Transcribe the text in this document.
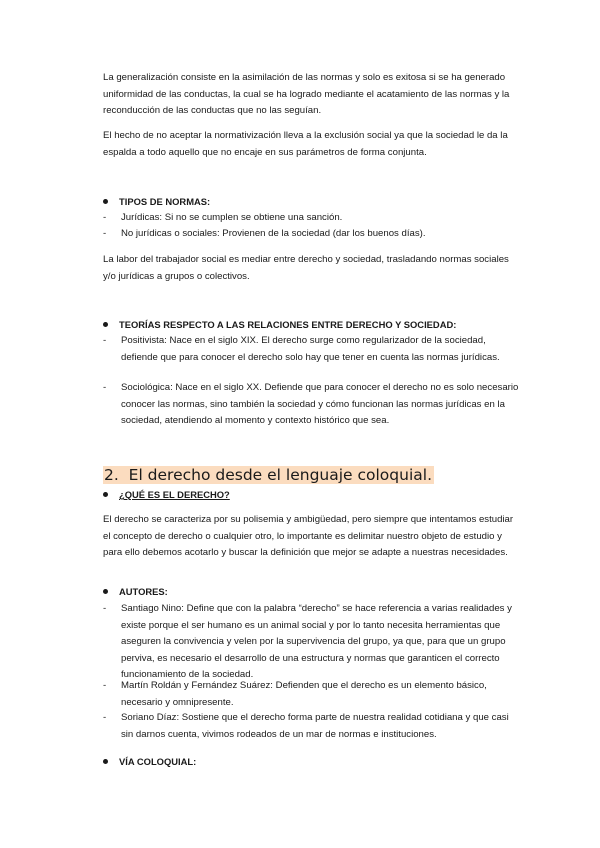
La generalización consiste en la asimilación de las normas y solo es exitosa si se ha generado uniformidad de las conductas, la cual se ha logrado mediante el acatamiento de las normas y la reconducción de las conductas que no las seguían.

El hecho de no aceptar la normativización lleva a la exclusión social ya que la sociedad le da la espalda a todo aquello que no encaje en sus parámetros de forma conjunta.

TIPOS DE NORMAS:
-	Jurídicas: Si no se cumplen se obtiene una sanción.
-	No jurídicas o sociales: Provienen de la sociedad (dar los buenos días).

La labor del trabajador social es mediar entre derecho y sociedad, trasladando normas sociales y/o jurídicas a grupos o colectivos.

TEORÍAS RESPECTO A LAS RELACIONES ENTRE DERECHO Y SOCIEDAD:
-	Positivista: Nace en el siglo XIX. El derecho surge como regularizador de la sociedad, defiende que para conocer el derecho solo hay que tener en cuenta las normas jurídicas.
-	Sociológica: Nace en el siglo XX. Defiende que para conocer el derecho no es solo necesario conocer las normas, sino también la sociedad y cómo funcionan las normas jurídicas en la sociedad, atendiendo al momento y contexto histórico que sea.
2. El derecho desde el lenguaje coloquial.
¿QUÉ ES EL DERECHO?

El derecho se caracteriza por su polisemia y ambigüedad, pero siempre que intentamos estudiar el concepto de derecho o cualquier otro, lo importante es delimitar nuestro objeto de estudio y para ello debemos acotarlo y buscar la definición que mejor se adapte a nuestras necesidades.

AUTORES:
-	Santiago Nino: Define que con la palabra “derecho” se hace referencia a varias realidades y existe porque el ser humano es un animal social y por lo tanto necesita herramientas que aseguren la convivencia y velen por la supervivencia del grupo, ya que, para que un grupo perviva, es necesario el desarrollo de una estructura y normas que garanticen el correcto funcionamiento de la sociedad.
-	Martín Roldán y Fernández Suárez: Defienden que el derecho es un elemento básico, necesario y omnipresente.
-	Soriano Díaz: Sostiene que el derecho forma parte de nuestra realidad cotidiana y que casi sin darnos cuenta, vivimos rodeados de un mar de normas e instituciones.
VÍA COLOQUIAL:
